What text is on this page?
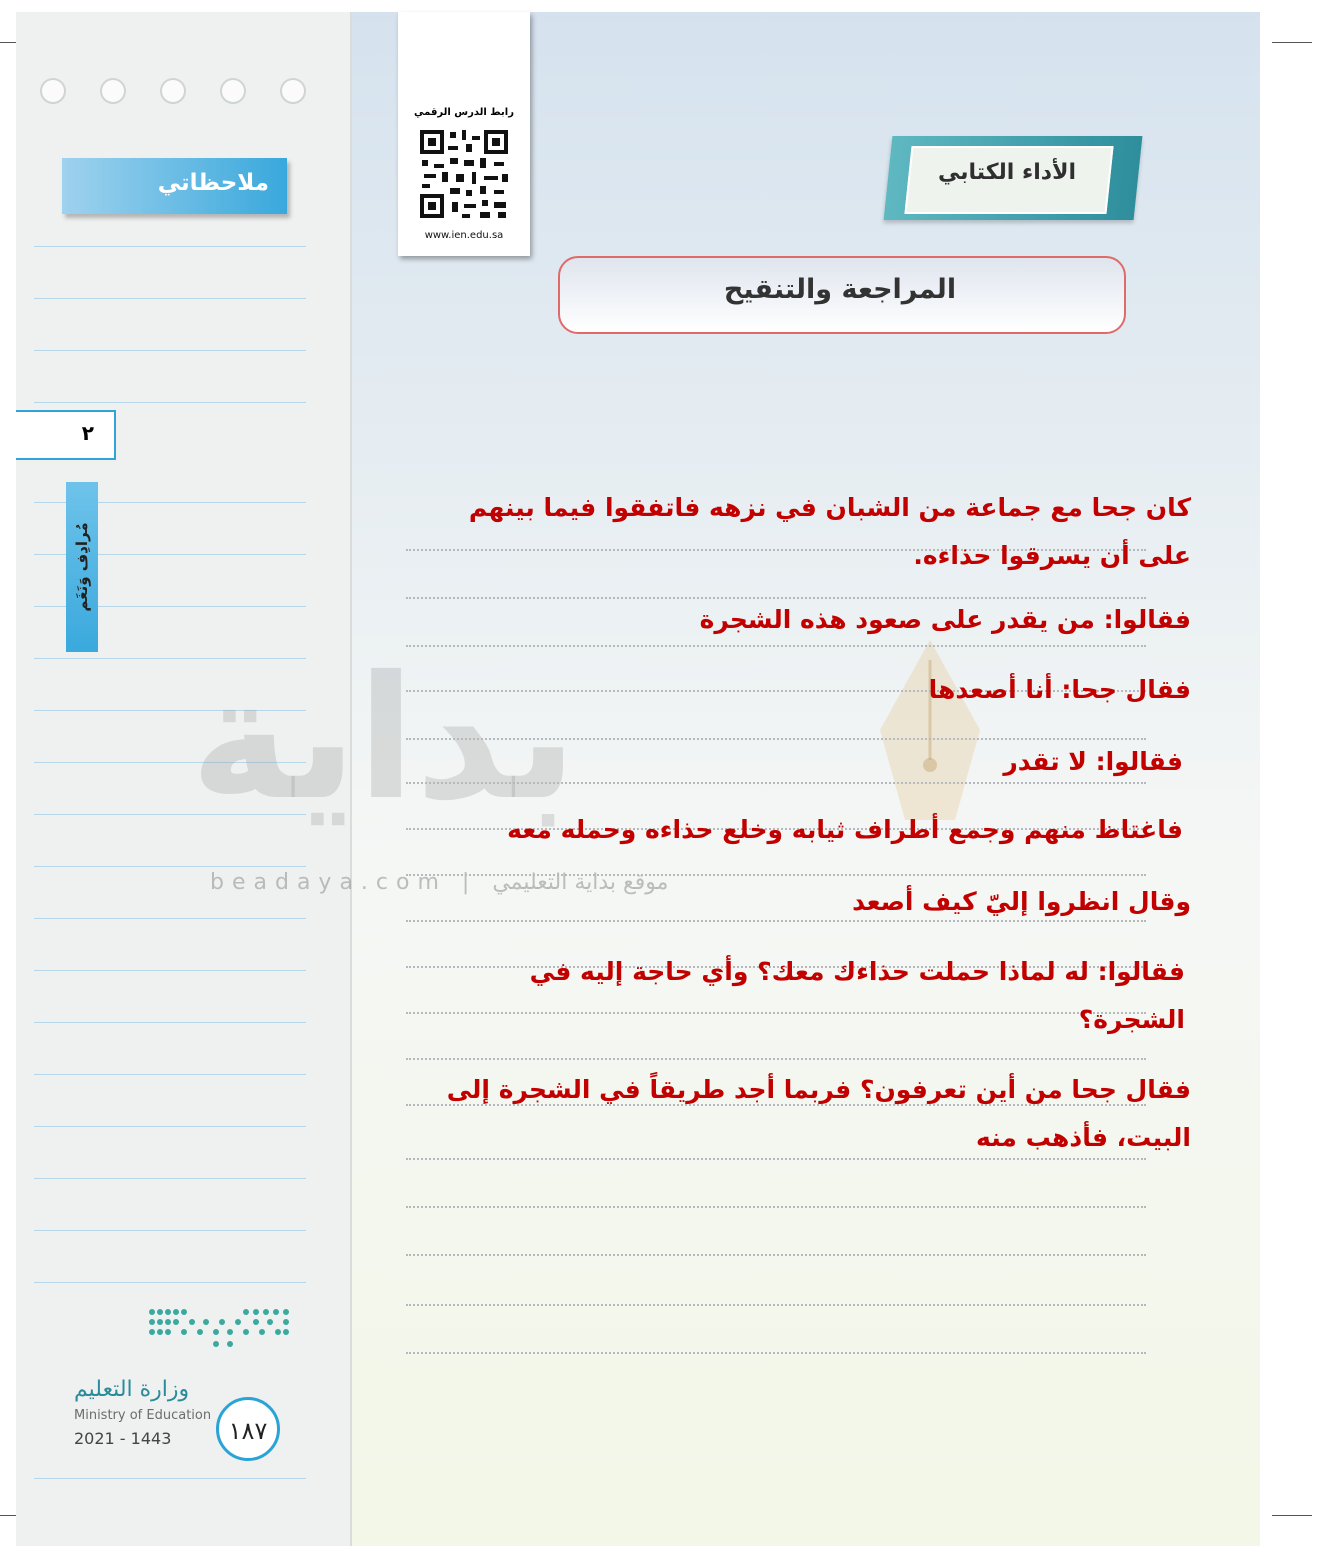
ملاحظاتي
٢
مُرادِف وَنَغَم
وزارة التعليم
Ministry of Education
2021 - 1443	١٨٧
رابط الدرس الرقمي
www.ien.edu.sa
الأداء الكتابي
المراجعة والتنقيح
بداية
beadaya.com | موقع بداية التعليمي
كان جحا مع جماعة من الشبان في نزهه فاتفقوا فيما بينهم على أن يسرقوا حذاءه.
فقالوا: من يقدر على صعود هذه الشجرة
فقال جحا: أنا أصعدها
فقالوا: لا تقدر
فاغتاظ منهم وجمع أطراف ثيابه وخلع حذاءه وحمله معه
وقال انظروا إليّ كيف أصعد
فقالوا: له لماذا حملت حذاءك معك؟ وأي حاجة إليه في الشجرة؟
فقال جحا من أين تعرفون؟ فربما أجد طريقاً في الشجرة إلى البيت، فأذهب منه
